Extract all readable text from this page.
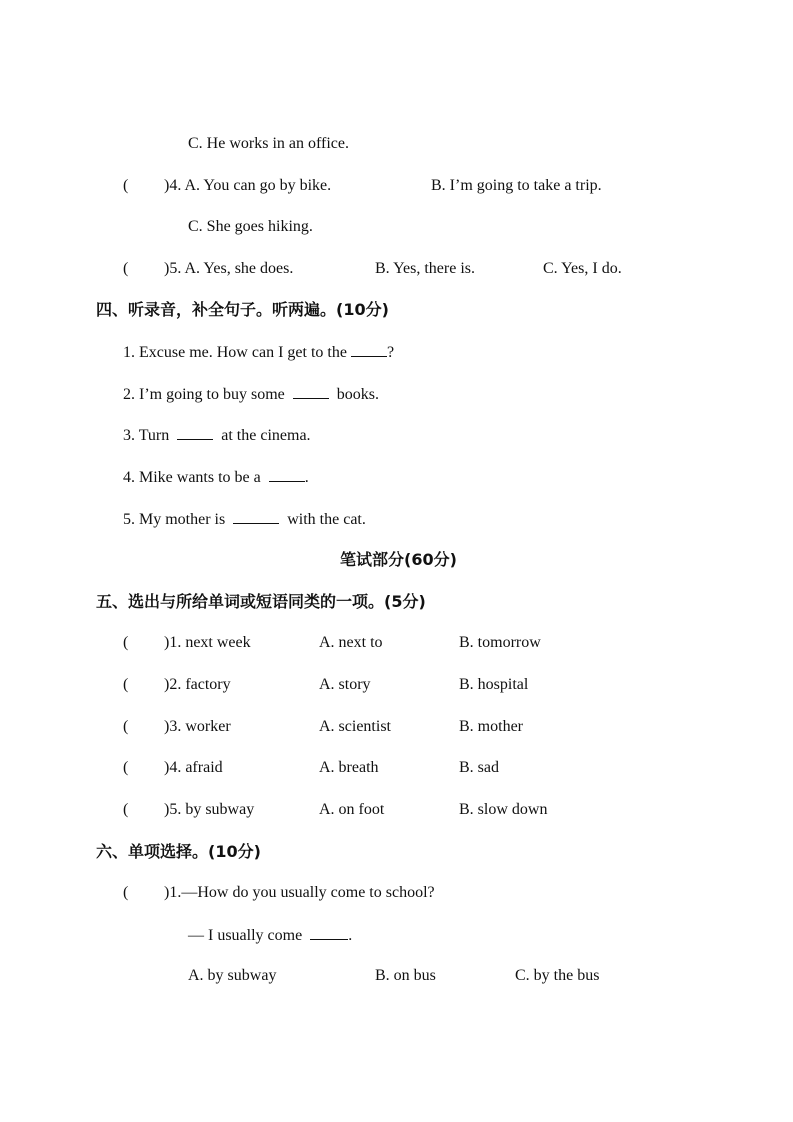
C. He works in an office.
( )4. A. You can go by bike.	B. I’m going to take a trip.
C. She goes hiking.
( )5. A. Yes, she does.	B. Yes, there is.	C. Yes, I do.
四、听录音，补全句子。听两遍。(10分)
1. Excuse me. How can I get to the	?
2. I’m going to buy some	books.
3. Turn	at the cinema.
4. Mike wants to be a	.
5. My mother is	with the cat.
笔试部分(60分)
五、选出与所给单词或短语同类的一项。(5分)
( )1. next week	A. next to	B. tomorrow
( )2. factory	A. story	B. hospital
( )3. worker	A. scientist	B. mother
( )4. afraid	A. breath	B. sad
( )5. by subway	A. on foot	B. slow down
六、单项选择。(10分)
( )1.—How do you usually come to school?
— I usually come	.
A. by subway	B. on bus	C. by the bus
